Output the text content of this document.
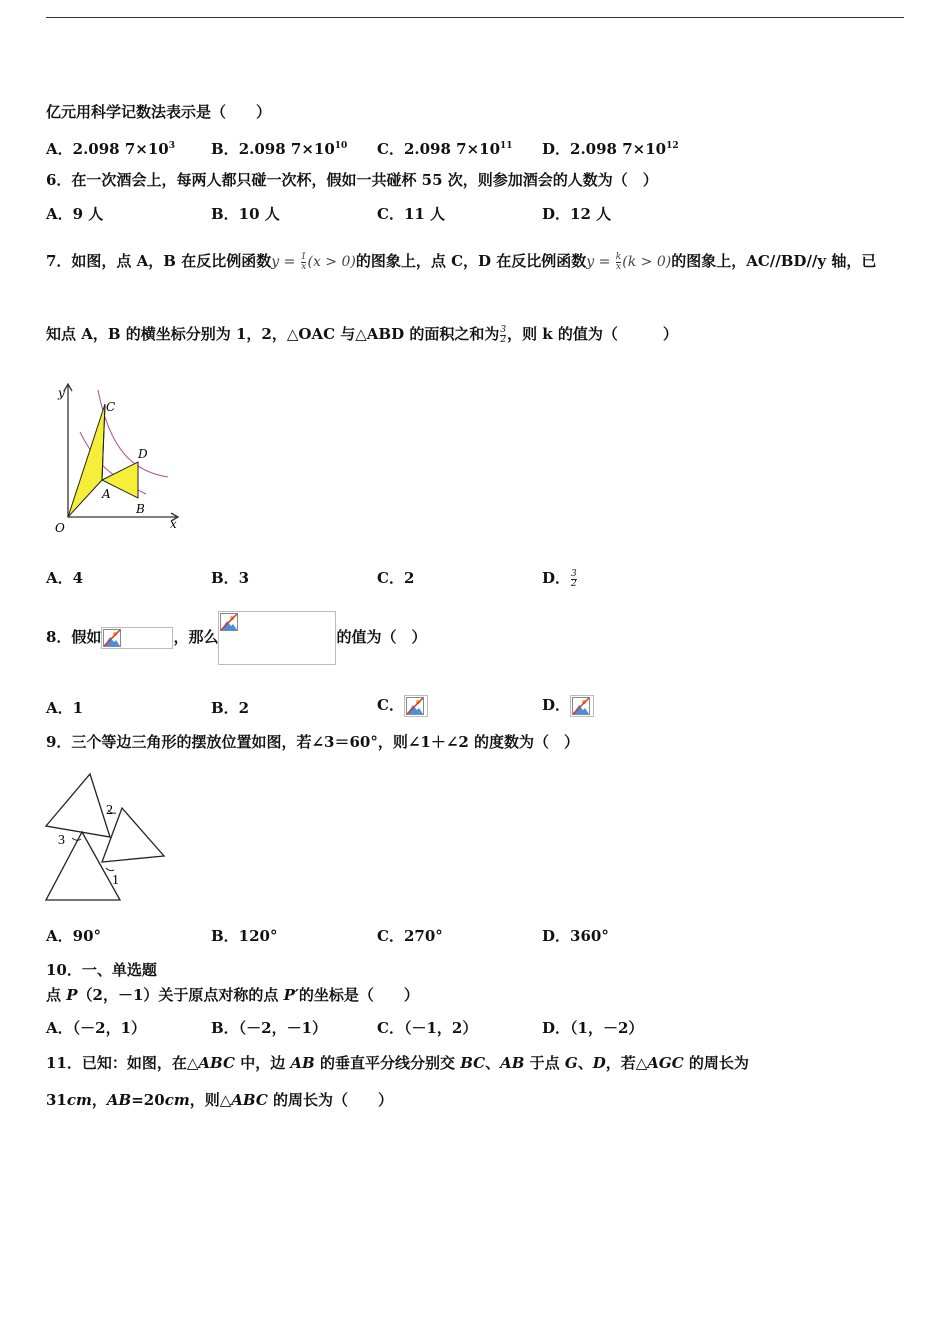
亿元用科学记数法表示是（　　）
A．2.098 $7\times 10^3$ B．2.098 $7\times 10^{10}$ C．2.098 $7\times 10^{11}$ D．2.098 $7\times 10^{12}$
6．在一次酒会上，每两人都只碰一次杯，假如一共碰杯 55 次，则参加酒会的人数为（　）
A．9 人	B．10 人	C．11 人	D．12 人
7．如图，点 A，B 在反比例函数$y = \frac{1}{x} (x > 0)$的图象上，点 C，D 在反比例函数$y = \frac{k}{x} (k > 0)$的图象上，AC//BD//y 轴，已
知点 A，B 的横坐标分别为 1，2，△OAC 与△ABD 的面积之和为$\frac{3}{2}$ ，则 k 的值为（　　　）
y
x
O
A
B
C
D
A．4	B．3	C．2	D．$\frac{3}{2}$
8．假如	，那么	的值为（　）
A．1	B．2	C．	D．
9．三个等边三角形的摆放位置如图，若∠3＝60°，则∠1＋∠2 的度数为（　）
2
3
1
A．90°	B．120°	C．270°	D．360°
10．一、单选题
点 P（2，－1）关于原点对称的点 P′的坐标是（　　）
A．（－2，1）	B．（－2，－1）	C．（－1，2）	D．（1，－2）
11．已知：如图，在△ABC 中，边 AB 的垂直平分线分别交 BC、AB 于点 G、D，若△AGC 的周长为
31cm，AB=20cm，则△ABC 的周长为（　　）
